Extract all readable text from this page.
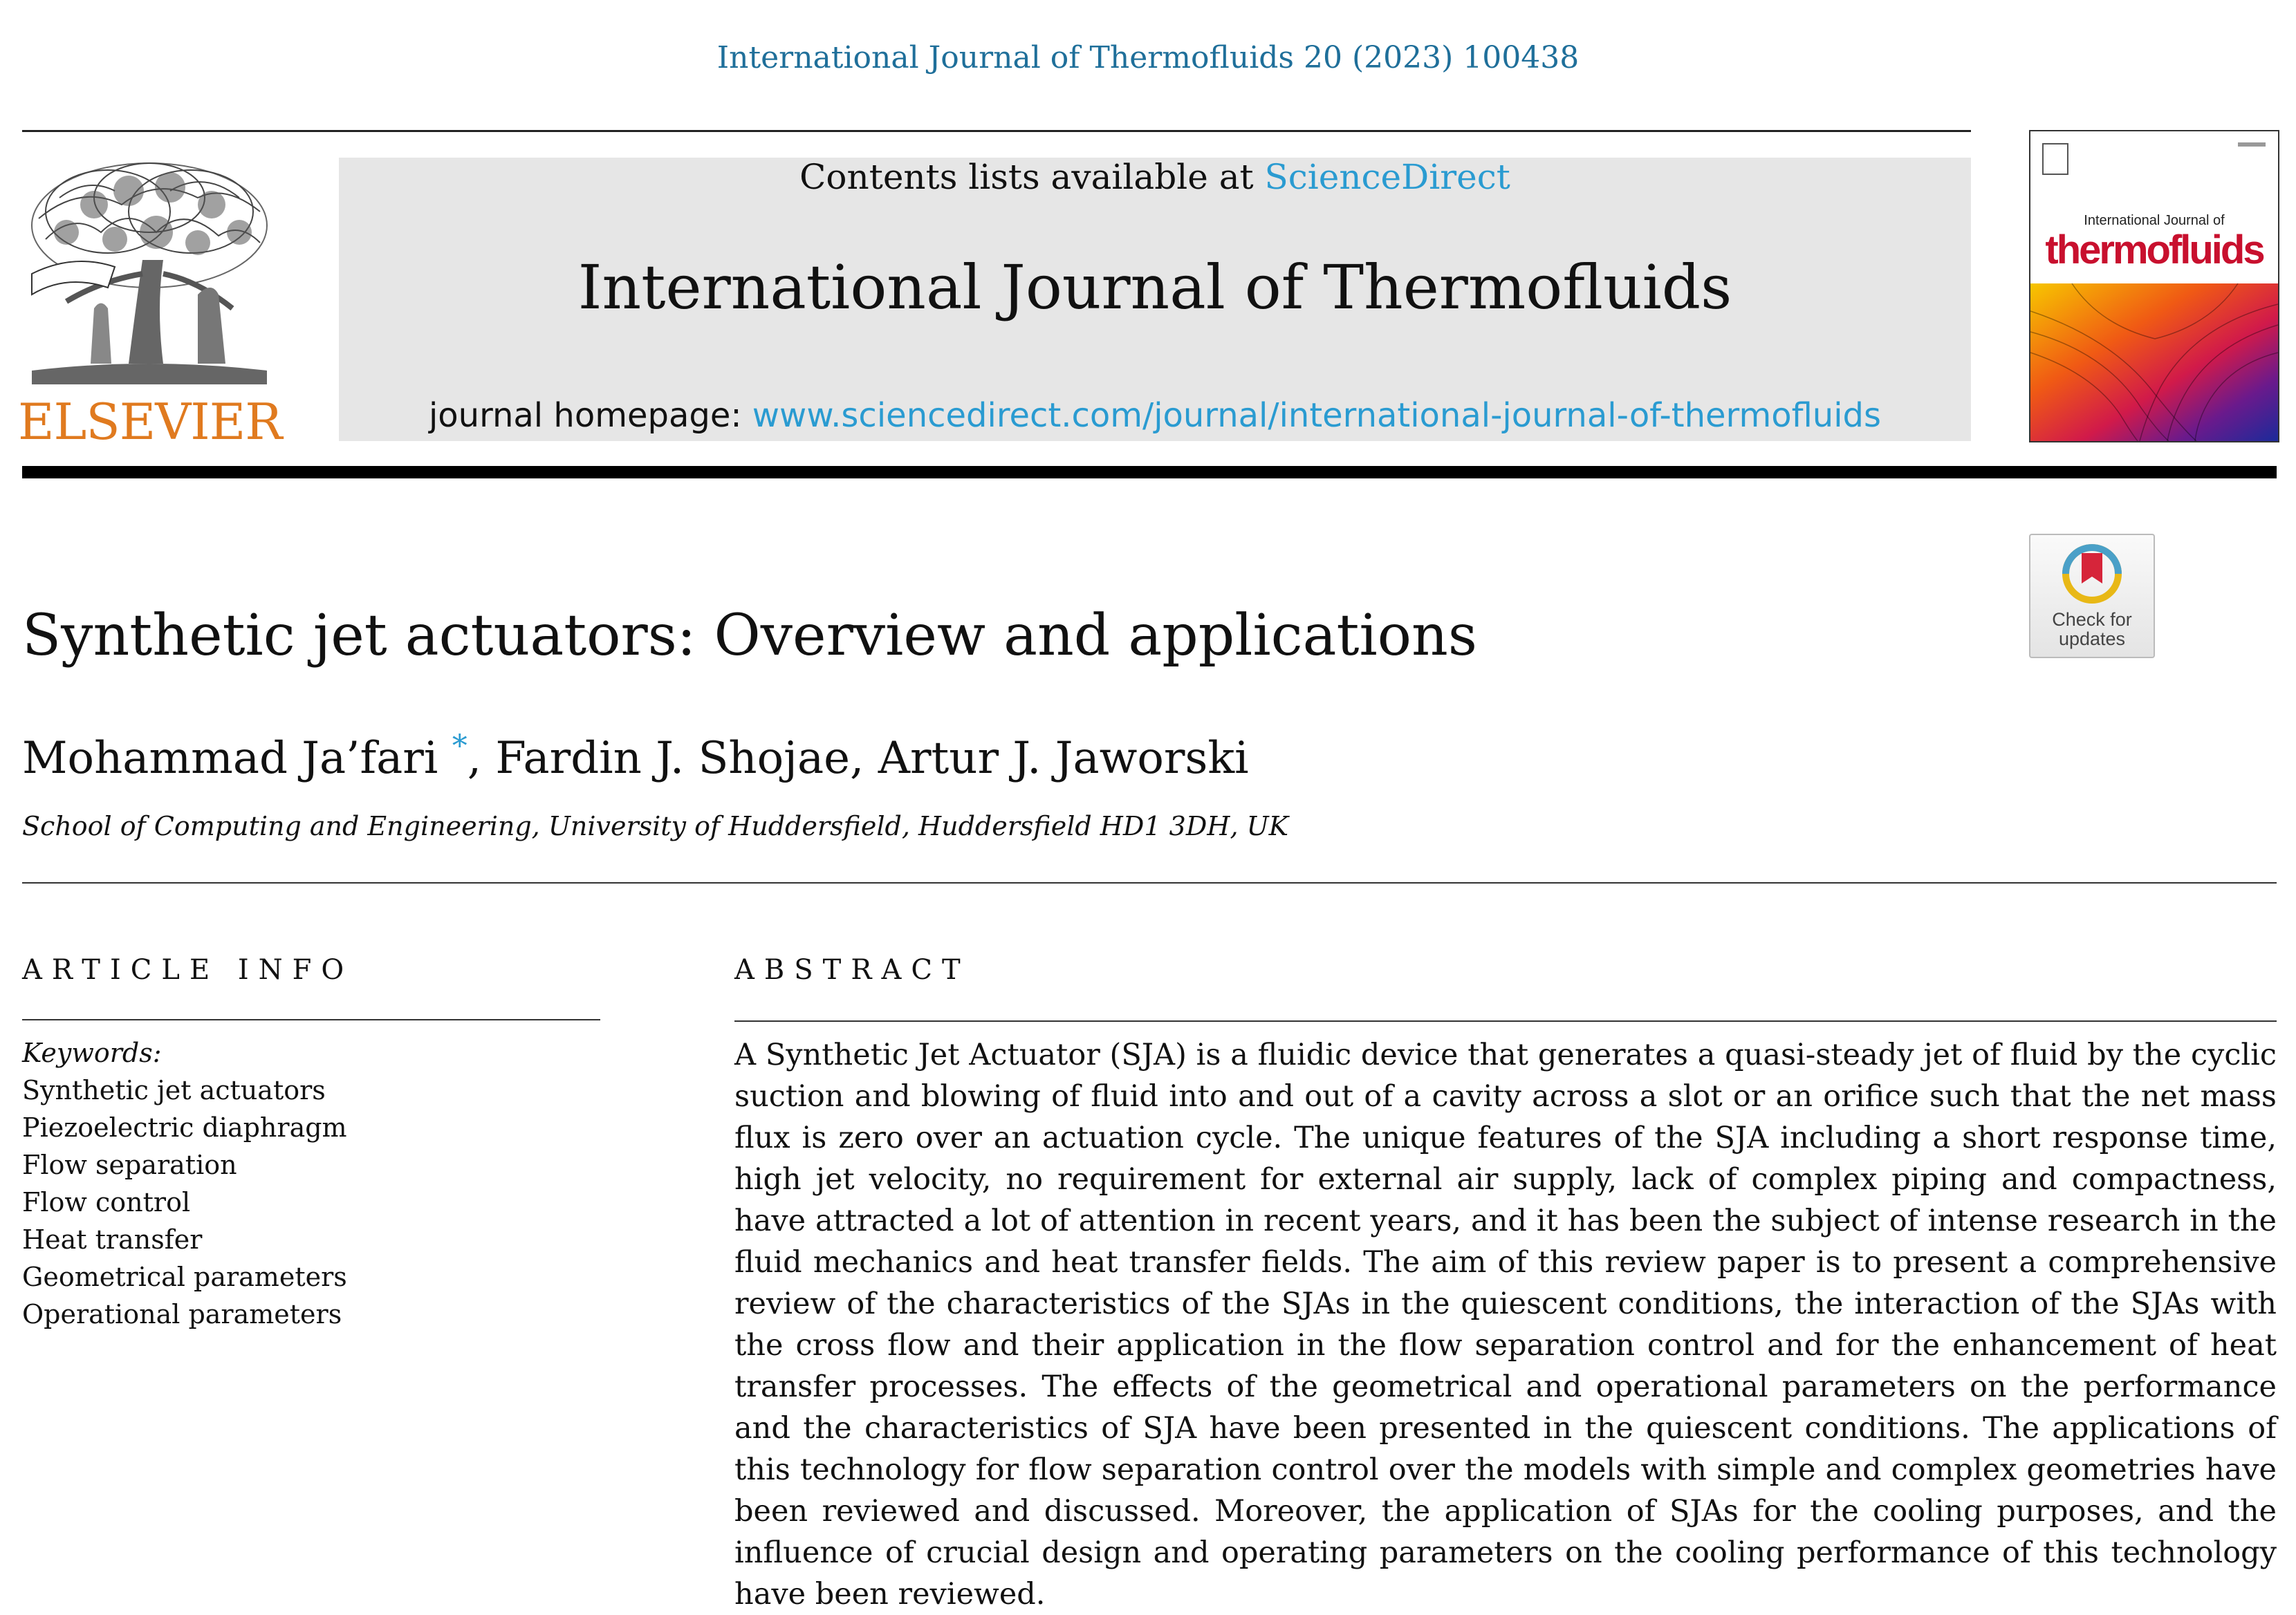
International Journal of Thermofluids 20 (2023) 100438
ELSEVIER
Contents lists available at ScienceDirect
International Journal of Thermofluids
journal homepage: www.sciencedirect.com/journal/international-journal-of-thermofluids
International Journal of
thermofluids
Check for
updates
Synthetic jet actuators: Overview and applications
Mohammad Ja’fari *, Fardin J. Shojae, Artur J. Jaworski
School of Computing and Engineering, University of Huddersfield, Huddersfield HD1 3DH, UK
ARTICLE INFO	ABSTRACT
Keywords:
Synthetic jet actuators
Piezoelectric diaphragm
Flow separation
Flow control
Heat transfer
Geometrical parameters
Operational parameters
A Synthetic Jet Actuator (SJA) is a fluidic device that generates a quasi-steady jet of fluid by the cyclic suction and blowing of fluid into and out of a cavity across a slot or an orifice such that the net mass flux is zero over an actuation cycle. The unique features of the SJA including a short response time, high jet velocity, no requirement for external air supply, lack of complex piping and compactness, have attracted a lot of attention in recent years, and it has been the subject of intense research in the fluid mechanics and heat transfer fields. The aim of this review paper is to present a comprehensive review of the characteristics of the SJAs in the quiescent conditions, the interaction of the SJAs with the cross flow and their application in the flow separation control and for the enhancement of heat transfer processes. The effects of the geometrical and operational parameters on the performance and the characteristics of SJA have been presented in the quiescent conditions. The applications of this technology for flow separation control over the models with simple and complex geometries have been reviewed and discussed. Moreover, the application of SJAs for the cooling purposes, and the influence of crucial design and operating parameters on the cooling performance of this technology have been reviewed.
